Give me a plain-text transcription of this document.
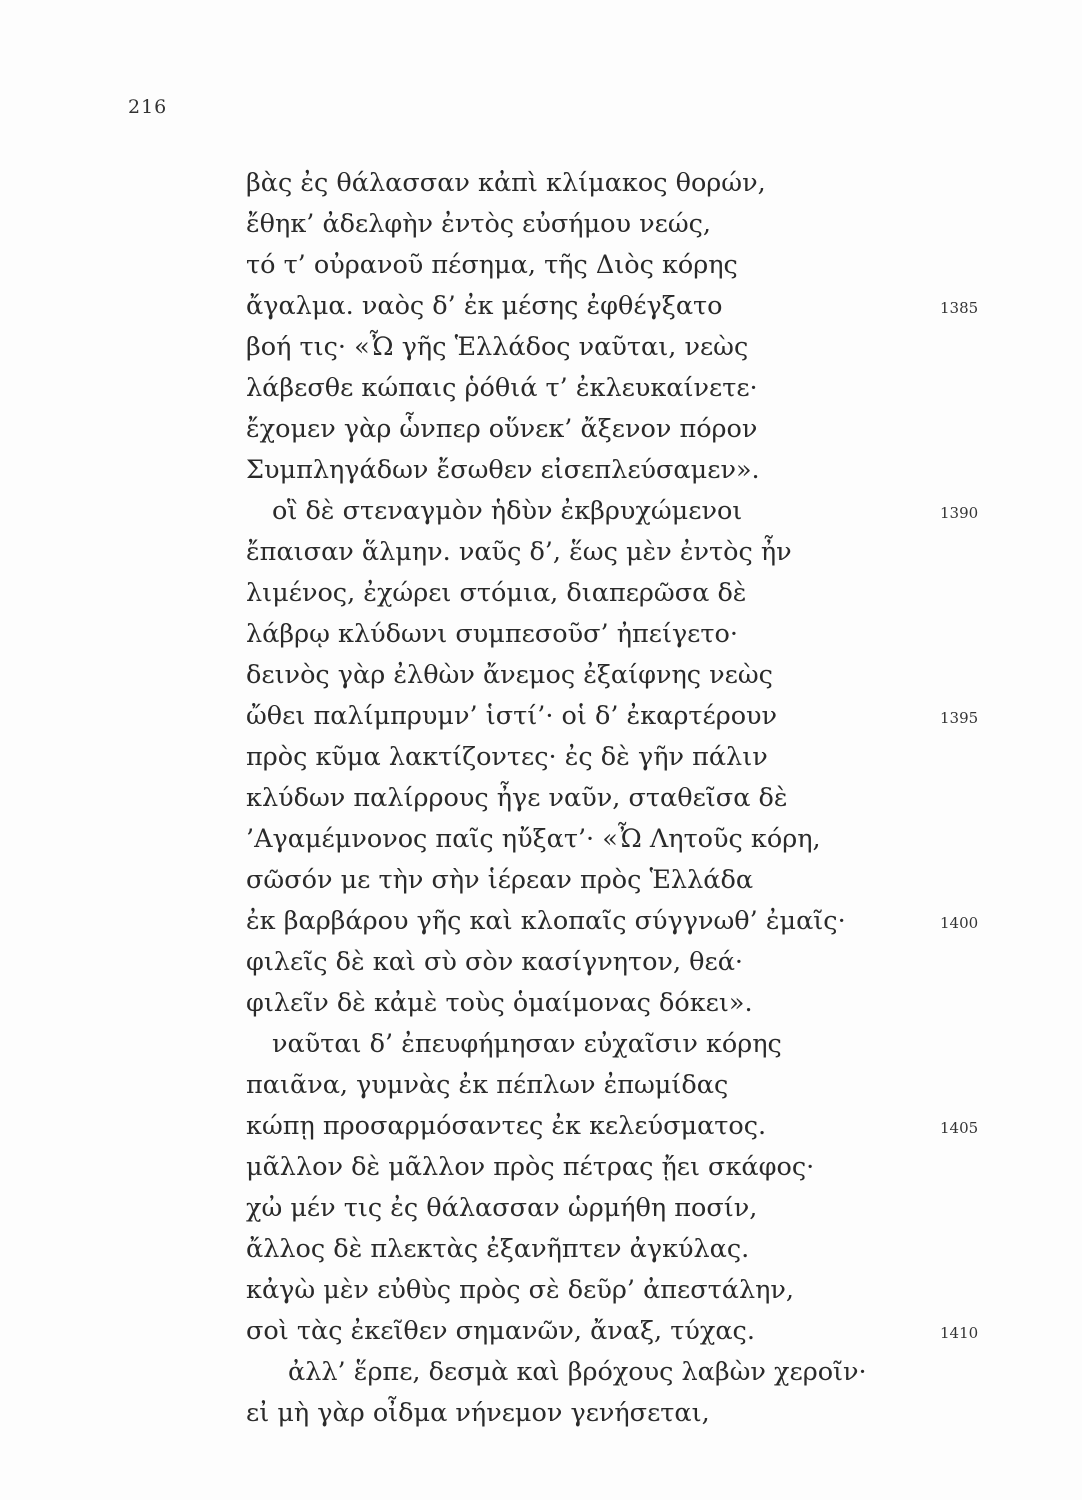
216
βὰς ἐς θάλασσαν κἀπὶ κλίμακος θορών,
ἔθηκ’ ἀδελφὴν ἐντὸς εὐσήμου νεώς,
τό τ’ οὐρανοῦ πέσημα, τῆς Διὸς κόρης
ἄγαλμα. ναὸς δ’ ἐκ μέσης ἐφθέγξατο
βοή τις· «Ὦ γῆς Ἑλλάδος ναῦται, νεὼς
λάβεσθε κώπαις ῥόθιά τ’ ἐκλευκαίνετε·
ἔχομεν γὰρ ὧνπερ οὕνεκ’ ἄξενον πόρον
Συμπληγάδων ἔσωθεν εἰσεπλεύσαμεν».
οἳ δὲ στεναγμὸν ἡδὺν ἐκβρυχώμενοι
ἔπαισαν ἅλμην. ναῦς δ’, ἕως μὲν ἐντὸς ἦν
λιμένος, ἐχώρει στόμια, διαπερῶσα δὲ
λάβρῳ κλύδωνι συμπεσοῦσ’ ἠπείγετο·
δεινὸς γὰρ ἐλθὼν ἄνεμος ἐξαίφνης νεὼς
ὤθει παλίμπρυμν’ ἱστί’· οἱ δ’ ἐκαρτέρουν
πρὸς κῦμα λακτίζοντες· ἐς δὲ γῆν πάλιν
κλύδων παλίρρους ἦγε ναῦν, σταθεῖσα δὲ
’Αγαμέμνονος παῖς ηὔξατ’· «Ὦ Λητοῦς κόρη,
σῶσόν με τὴν σὴν ἱέρεαν πρὸς Ἑλλάδα
ἐκ βαρβάρου γῆς καὶ κλοπαῖς σύγγνωθ’ ἐμαῖς·
φιλεῖς δὲ καὶ σὺ σὸν κασίγνητον, θεά·
φιλεῖν δὲ κἀμὲ τοὺς ὁμαίμονας δόκει».
ναῦται δ’ ἐπευφήμησαν εὐχαῖσιν κόρης
παιᾶνα, γυμνὰς ἐκ πέπλων ἐπωμίδας
κώπῃ προσαρμόσαντες ἐκ κελεύσματος.
μᾶλλον δὲ μᾶλλον πρὸς πέτρας ᾔει σκάφος·
χὠ μέν τις ἐς θάλασσαν ὡρμήθη ποσίν,
ἄλλος δὲ πλεκτὰς ἐξανῆπτεν ἀγκύλας.
κἀγὼ μὲν εὐθὺς πρὸς σὲ δεῦρ’ ἀπεστάλην,
σοὶ τὰς ἐκεῖθεν σημανῶν, ἄναξ, τύχας.
ἀλλ’ ἕρπε, δεσμὰ καὶ βρόχους λαβὼν χεροῖν·
εἰ μὴ γὰρ οἶδμα νήνεμον γενήσεται,
1385
1390
1395
1400
1405
1410
